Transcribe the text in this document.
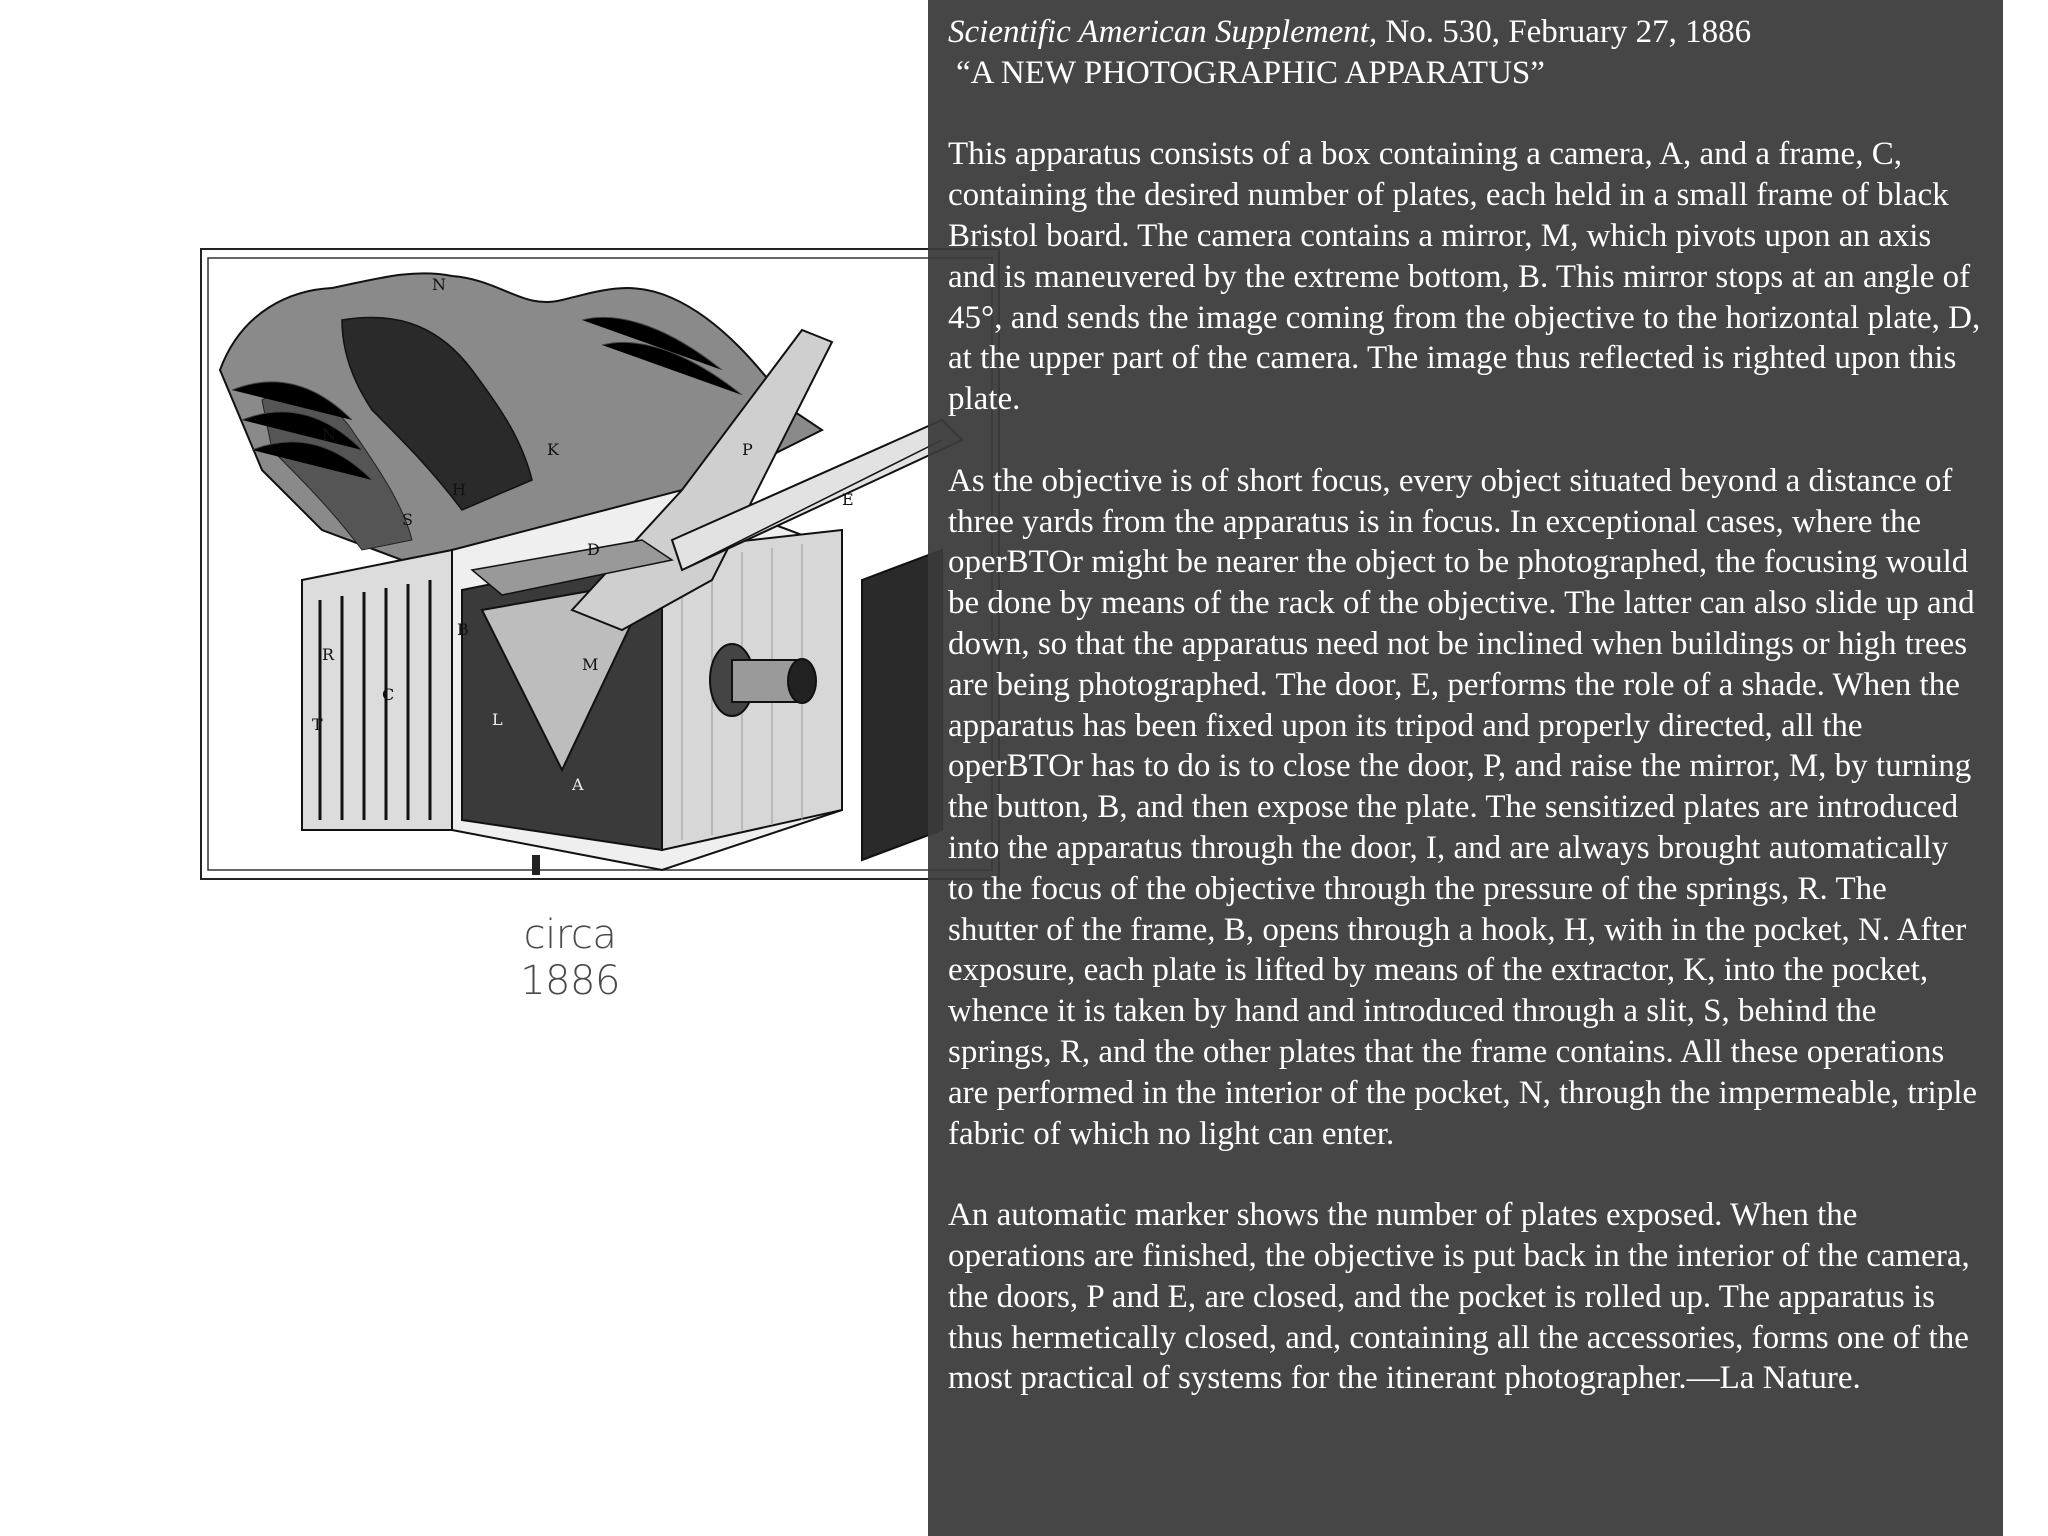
N
N
K
H
S
P
E
D
R
C
B
L
M
A
T
circa 1886

Scientific American Supplement, No. 530, February 27, 1886

“A NEW PHOTOGRAPHIC APPARATUS”

This apparatus consists of a box containing a camera, A, and a frame, C, containing the desired number of plates, each held in a small frame of black Bristol board. The camera contains a mirror, M, which pivots upon an axis and is maneuvered by the extreme bottom, B. This mirror stops at an angle of 45°, and sends the image coming from the objective to the horizontal plate, D, at the upper part of the camera. The image thus reflected is righted upon this plate.

As the objective is of short focus, every object situated beyond a distance of three yards from the apparatus is in focus. In exceptional cases, where the operBTOr might be nearer the object to be photographed, the focusing would be done by means of the rack of the objective. The latter can also slide up and down, so that the apparatus need not be inclined when buildings or high trees are being photographed. The door, E, performs the role of a shade. When the apparatus has been fixed upon its tripod and properly directed, all the operBTOr has to do is to close the door, P, and raise the mirror, M, by turning the button, B, and then expose the plate. The sensitized plates are introduced into the apparatus through the door, I, and are always brought automatically to the focus of the objective through the pressure of the springs, R. The shutter of the frame, B, opens through a hook, H, with in the pocket, N. After exposure, each plate is lifted by means of the extractor, K, into the pocket, whence it is taken by hand and introduced through a slit, S, behind the springs, R, and the other plates that the frame contains. All these operations are performed in the interior of the pocket, N, through the impermeable, triple fabric of which no light can enter.

An automatic marker shows the number of plates exposed. When the operations are finished, the objective is put back in the interior of the camera, the doors, P and E, are closed, and the pocket is rolled up. The apparatus is thus hermetically closed, and, containing all the accessories, forms one of the most practical of systems for the itinerant photographer.—La Nature.
